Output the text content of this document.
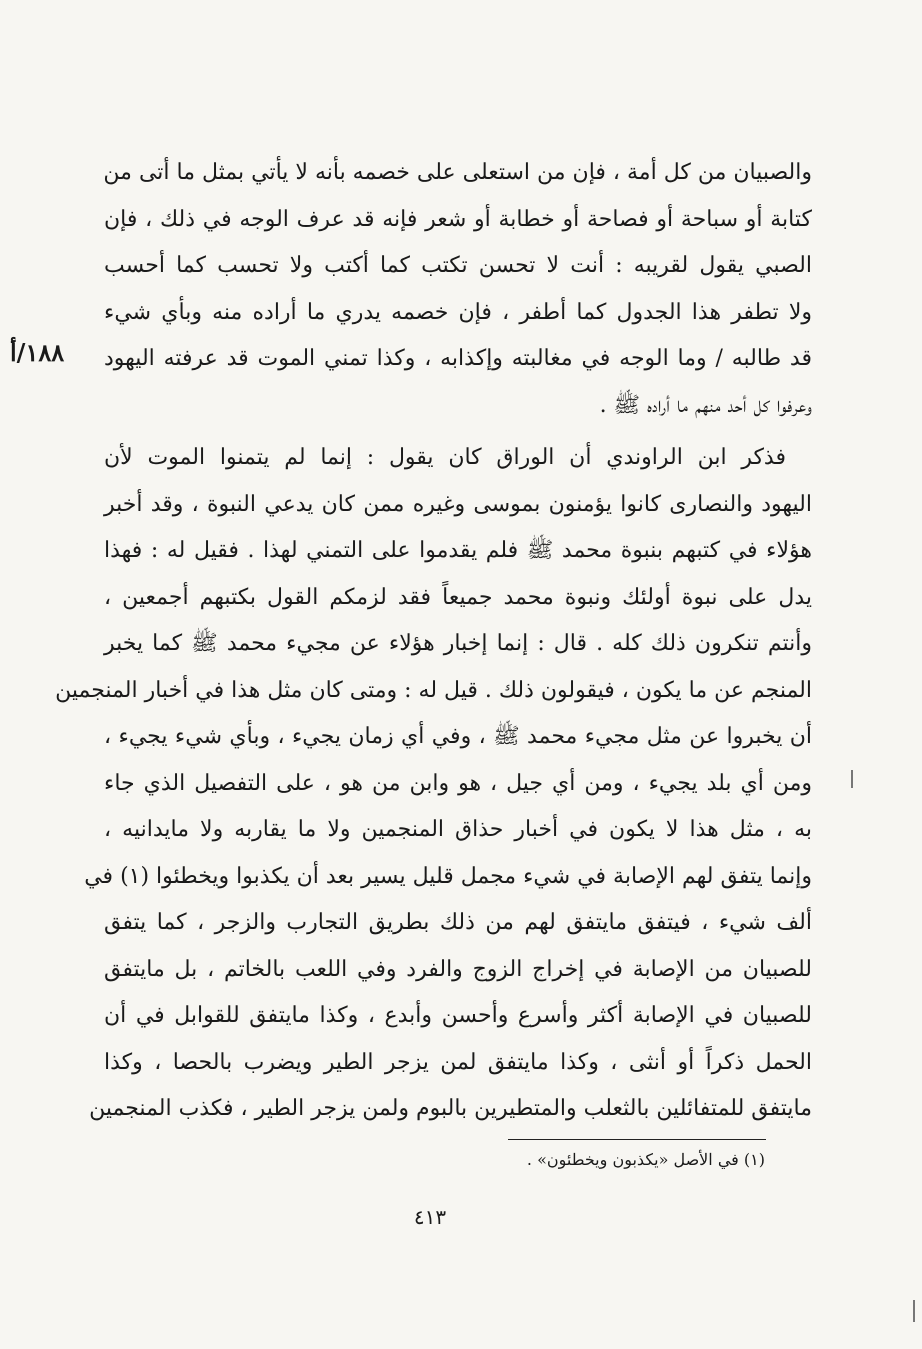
والصبيان من كل أمة ، فإن من استعلى على خصمه بأنه لا يأتي بمثل ما أتى من

كتابة أو سباحة أو فصاحة أو خطابة أو شعر فإنه قد عرف الوجه في ذلك ، فإن

الصبي يقول لقريبه : أنت لا تحسن تكتب كما أكتب ولا تحسب كما أحسب

ولا تطفر هذا الجدول كما أطفر ، فإن خصمه يدري ما أراده منه وبأي شيء

قد طالبه / وما الوجه في مغالبته وإكذابه ، وكذا تمني الموت قد عرفته اليهود

وعرفوا كل أحد منهم ما أراده ﷺ .

فذكر ابن الراوندي أن الوراق كان يقول : إنما لم يتمنوا الموت لأن

اليهود والنصارى كانوا يؤمنون بموسى وغيره ممن كان يدعي النبوة ، وقد أخبر

هؤلاء في كتبهم بنبوة محمد ﷺ فلم يقدموا على التمني لهذا . فقيل له : فهذا

يدل على نبوة أولئك ونبوة محمد جميعاً فقد لزمكم القول بكتبهم أجمعين ،

وأنتم تنكرون ذلك كله . قال : إنما إخبار هؤلاء عن مجيء محمد ﷺ كما يخبر

المنجم عن ما يكون ، فيقولون ذلك . قيل له : ومتى كان مثل هذا في أخبار المنجمين

أن يخبروا عن مثل مجيء محمد ﷺ ، وفي أي زمان يجيء ، وبأي شيء يجيء ،

ومن أي بلد يجيء ، ومن أي جيل ، هو وابن من هو ، على التفصيل الذي جاء

به ، مثل هذا لا يكون في أخبار حذاق المنجمين ولا ما يقاربه ولا مايدانيه ،

وإنما يتفق لهم الإصابة في شيء مجمل قليل يسير بعد أن يكذبوا ويخطئوا (١) في

ألف شيء ، فيتفق مايتفق لهم من ذلك بطريق التجارب والزجر ، كما يتفق

للصبيان من الإصابة في إخراج الزوج والفرد وفي اللعب بالخاتم ، بل مايتفق

للصبيان في الإصابة أكثر وأسرع وأحسن وأبدع ، وكذا مايتفق للقوابل في أن

الحمل ذكراً أو أنثى ، وكذا مايتفق لمن يزجر الطير ويضرب بالحصا ، وكذا

مايتفق للمتفائلين بالثعلب والمتطيرين بالبوم ولمن يزجر الطير ، فكذب المنجمين

١٨٨/أ
(١) في الأصل «يكذبون ويخطئون» .
٤١٣
